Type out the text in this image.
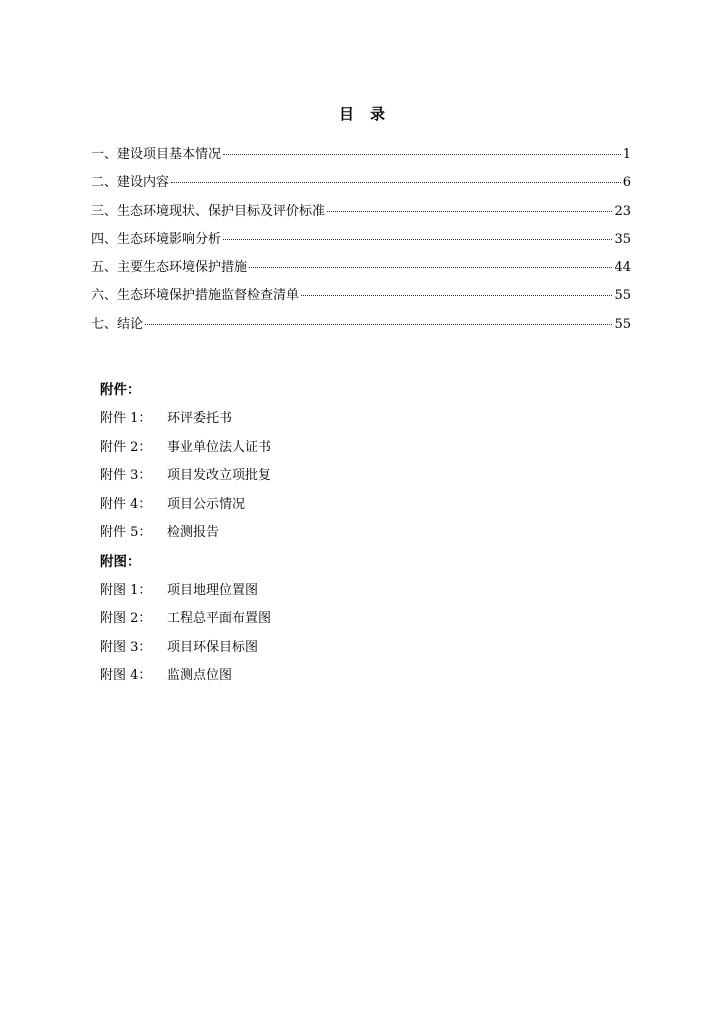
目录
一、建设项目基本情况	1
二、建设内容	6
三、生态环境现状、保护目标及评价标准	23
四、生态环境影响分析	35
五、主要生态环境保护措施	44
六、生态环境保护措施监督检查清单	55
七、结论	55
附件：
附件 1：	环评委托书
附件 2：	事业单位法人证书
附件 3：	项目发改立项批复
附件 4：	项目公示情况
附件 5：	检测报告
附图：
附图 1：	项目地理位置图
附图 2：	工程总平面布置图
附图 3：	项目环保目标图
附图 4：	监测点位图
